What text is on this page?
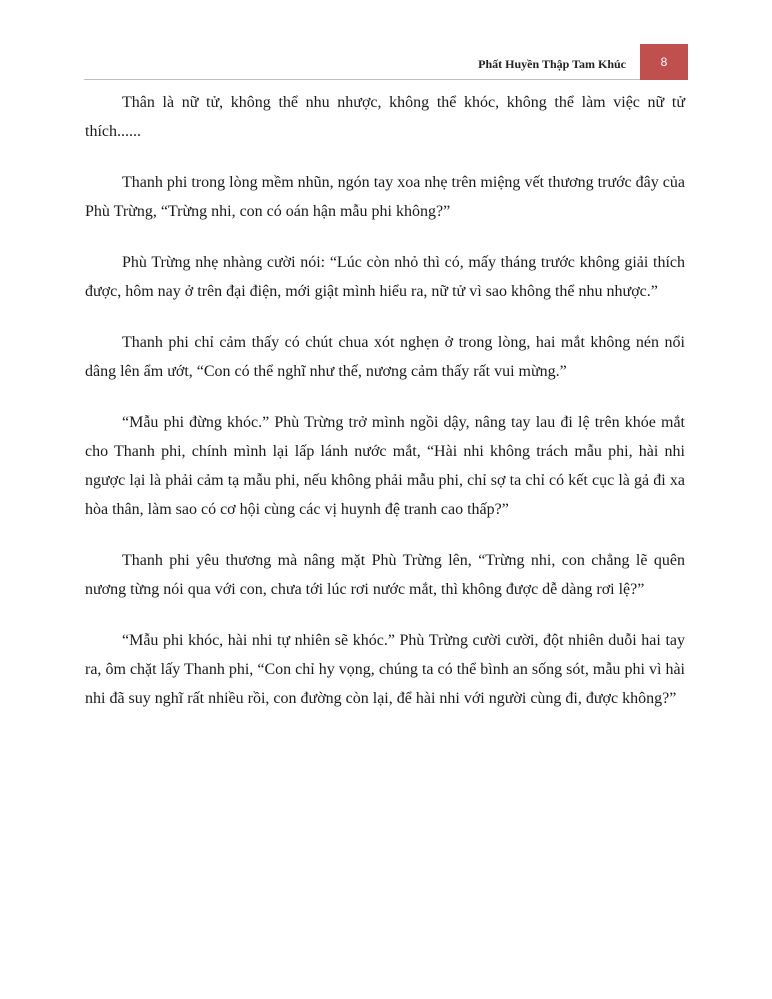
Phất Huyền Thập Tam Khúc	8

Thân là nữ tử, không thể nhu nhược, không thể khóc, không thể làm việc nữ tử thích......

Thanh phi trong lòng mềm nhũn, ngón tay xoa nhẹ trên miệng vết thương trước đây của Phù Trừng, “Trừng nhi, con có oán hận mẫu phi không?”

Phù Trừng nhẹ nhàng cười nói: “Lúc còn nhỏ thì có, mấy tháng trước không giải thích được, hôm nay ở trên đại điện, mới giật mình hiểu ra, nữ tử vì sao không thể nhu nhược.”

Thanh phi chỉ cảm thấy có chút chua xót nghẹn ở trong lòng, hai mắt không nén nổi dâng lên ẩm ướt, “Con có thể nghĩ như thế, nương cảm thấy rất vui mừng.”

“Mẫu phi đừng khóc.” Phù Trừng trở mình ngồi dậy, nâng tay lau đi lệ trên khóe mắt cho Thanh phi, chính mình lại lấp lánh nước mắt, “Hài nhi không trách mẫu phi, hài nhi ngược lại là phải cảm tạ mẫu phi, nếu không phải mẫu phi, chỉ sợ ta chỉ có kết cục là gả đi xa hòa thân, làm sao có cơ hội cùng các vị huynh đệ tranh cao thấp?”

Thanh phi yêu thương mà nâng mặt Phù Trừng lên, “Trừng nhi, con chẳng lẽ quên nương từng nói qua với con, chưa tới lúc rơi nước mắt, thì không được dễ dàng rơi lệ?”

“Mẫu phi khóc, hài nhi tự nhiên sẽ khóc.” Phù Trừng cười cười, đột nhiên duỗi hai tay ra, ôm chặt lấy Thanh phi, “Con chỉ hy vọng, chúng ta có thể bình an sống sót, mẫu phi vì hài nhi đã suy nghĩ rất nhiều rồi, con đường còn lại, để hài nhi với người cùng đi, được không?”
